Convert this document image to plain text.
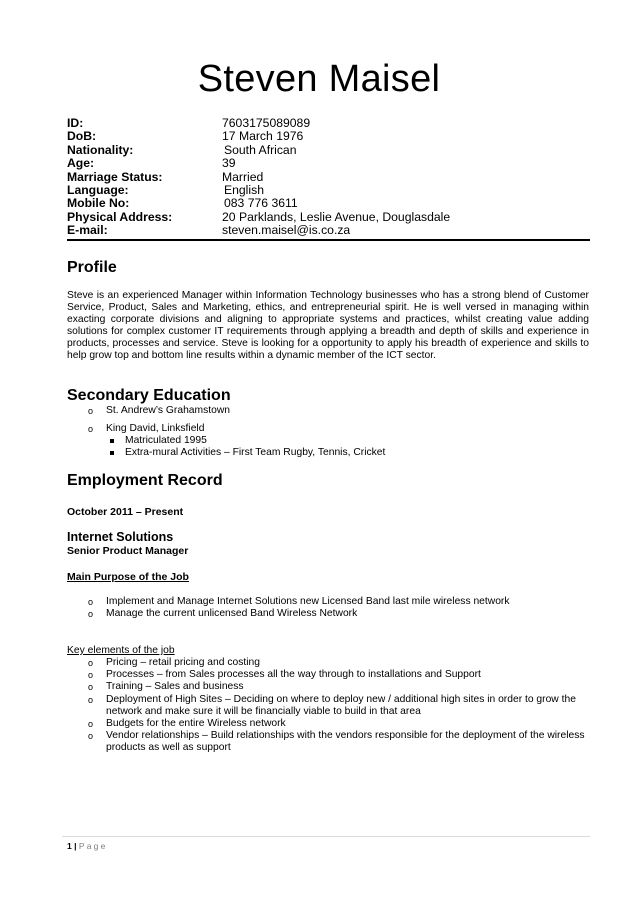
Steven Maisel
ID:	7603175089089
DoB:	17 March 1976
Nationality:	South African
Age:	39
Marriage Status:	Married
Language:	English
Mobile No:	083 776 3611
Physical Address:	20 Parklands, Leslie Avenue, Douglasdale
E-mail:	steven.maisel@is.co.za
Profile

Steve is an experienced Manager within Information Technology businesses who has a strong blend of Customer Service, Product, Sales and Marketing, ethics, and entrepreneurial spirit. He is well versed in managing within exacting corporate divisions and aligning to appropriate systems and practices, whilst creating value adding solutions for complex customer IT requirements through applying a breadth and depth of skills and experience in products, processes and service. Steve is looking for a opportunity to apply his breadth of experience and skills to help grow top and bottom line results within a dynamic member of the ICT sector.

Secondary Education
o St. Andrew’s Grahamstown
o King David, Linksfield
Matriculated 1995
Extra-mural Activities – First Team Rugby, Tennis, Cricket
Employment Record
October 2011 – Present
Internet Solutions
Senior Product Manager
Main Purpose of the Job
o Implement and Manage Internet Solutions new Licensed Band last mile wireless network
o Manage the current unlicensed Band Wireless Network
Key elements of the job
o Pricing – retail pricing and costing
o Processes – from Sales processes all the way through to installations and Support
o Training – Sales and business
o Deployment of High Sites – Deciding on where to deploy new / additional high sites in order to grow the network and make sure it will be financially viable to build in that area
o Budgets for the entire Wireless network
o Vendor relationships – Build relationships with the vendors responsible for the deployment of the wireless products as well as support
1 | Page
